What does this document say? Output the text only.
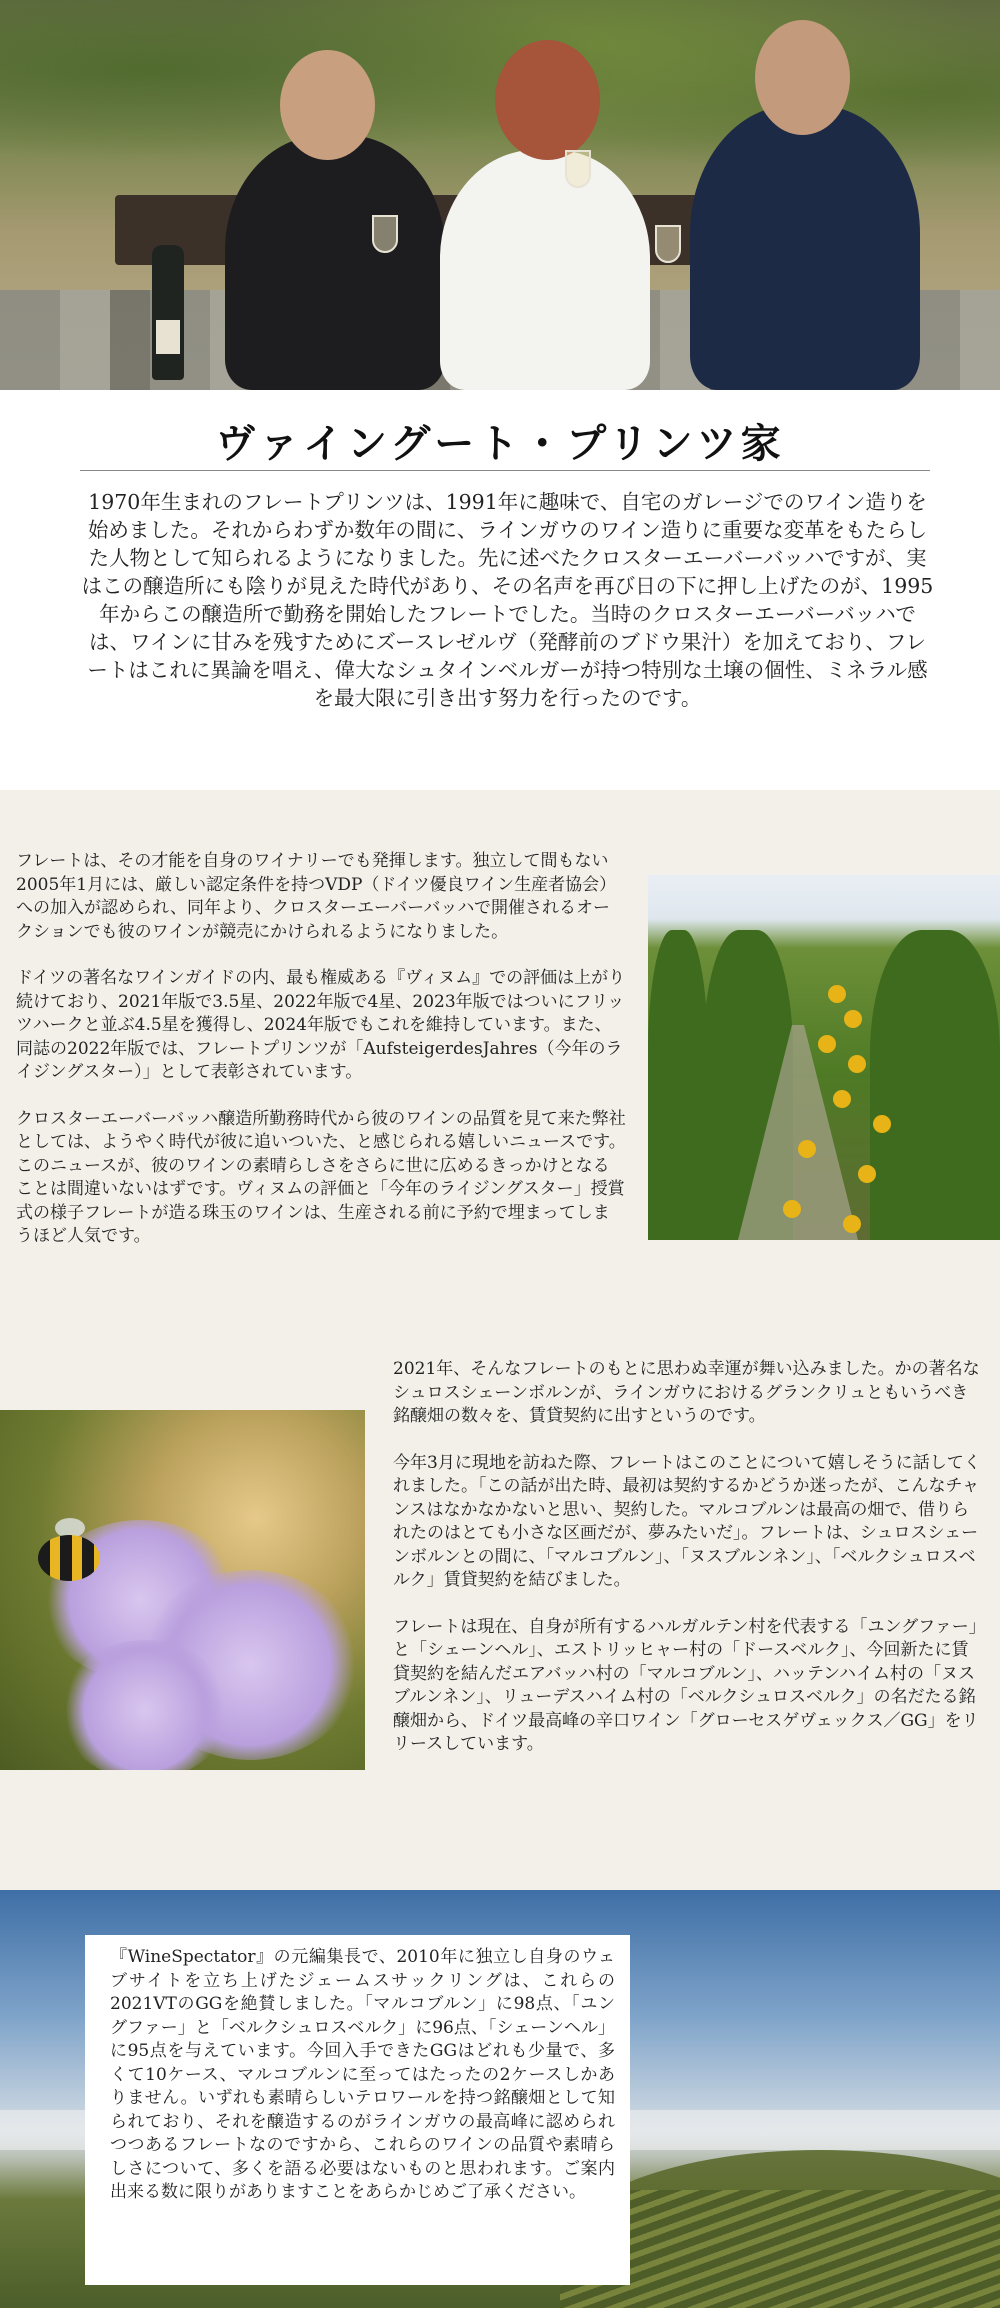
ヴァイングート・プリンツ家

1970年生まれのフレートプリンツは、1991年に趣味で、自宅のガレージでのワイン造りを始めました。それからわずか数年の間に、ラインガウのワイン造りに重要な変革をもたらした人物として知られるようになりました。先に述べたクロスターエーバーバッハですが、実はこの醸造所にも陰りが見えた時代があり、その名声を再び日の下に押し上げたのが、1995年からこの醸造所で勤務を開始したフレートでした。当時のクロスターエーバーバッハでは、ワインに甘みを残すためにズースレゼルヴ（発酵前のブドウ果汁）を加えており、フレートはこれに異論を唱え、偉大なシュタインベルガーが持つ特別な土壌の個性、ミネラル感を最大限に引き出す努力を行ったのです。

フレートは、その才能を自身のワイナリーでも発揮します。独立して間もない2005年1月には、厳しい認定条件を持つVDP（ドイツ優良ワイン生産者協会）への加入が認められ、同年より、クロスターエーバーバッハで開催されるオークションでも彼のワインが競売にかけられるようになりました。

ドイツの著名なワインガイドの内、最も権威ある『ヴィヌム』での評価は上がり続けており、2021年版で3.5星、2022年版で4星、2023年版ではついにフリッツハークと並ぶ4.5星を獲得し、2024年版でもこれを維持しています。また、同誌の2022年版では、フレートプリンツが「AufsteigerdesJahres（今年のライジングスター）」として表彰されています。

クロスターエーバーバッハ醸造所勤務時代から彼のワインの品質を見て来た弊社としては、ようやく時代が彼に追いついた、と感じられる嬉しいニュースです。このニュースが、彼のワインの素晴らしさをさらに世に広めるきっかけとなることは間違いないはずです。ヴィヌムの評価と「今年のライジングスター」授賞式の様子フレートが造る珠玉のワインは、生産される前に予約で埋まってしまうほど人気です。

2021年、そんなフレートのもとに思わぬ幸運が舞い込みました。かの著名なシュロスシェーンボルンが、ラインガウにおけるグランクリュともいうべき銘醸畑の数々を、賃貸契約に出すというのです。

今年3月に現地を訪ねた際、フレートはこのことについて嬉しそうに話してくれました。「この話が出た時、最初は契約するかどうか迷ったが、こんなチャンスはなかなかないと思い、契約した。マルコブルンは最高の畑で、借りられたのはとても小さな区画だが、夢みたいだ」。フレートは、シュロスシェーンボルンとの間に、「マルコブルン」、「ヌスブルンネン」、「ベルクシュロスベルク」賃貸契約を結びました。

フレートは現在、自身が所有するハルガルテン村を代表する「ユングファー」と「シェーンヘル」、エストリッヒャー村の「ドースベルク」、今回新たに賃貸契約を結んだエアバッハ村の「マルコブルン」、ハッテンハイム村の「ヌスブルンネン」、リューデスハイム村の「ベルクシュロスベルク」の名だたる銘醸畑から、ドイツ最高峰の辛口ワイン「グローセスゲヴェックス／GG」をリリースしています。

『WineSpectator』の元編集長で、2010年に独立し自身のウェブサイトを立ち上げたジェームスサックリングは、これらの2021VTのGGを絶賛しました。「マルコブルン」に98点、「ユングファー」と「ベルクシュロスベルク」に96点、「シェーンヘル」に95点を与えています。今回入手できたGGはどれも少量で、多くて10ケース、マルコブルンに至ってはたったの2ケースしかありません。いずれも素晴らしいテロワールを持つ銘醸畑として知られており、それを醸造するのがラインガウの最高峰に認められつつあるフレートなのですから、これらのワインの品質や素晴らしさについて、多くを語る必要はないものと思われます。ご案内出来る数に限りがありますことをあらかじめご了承ください。
